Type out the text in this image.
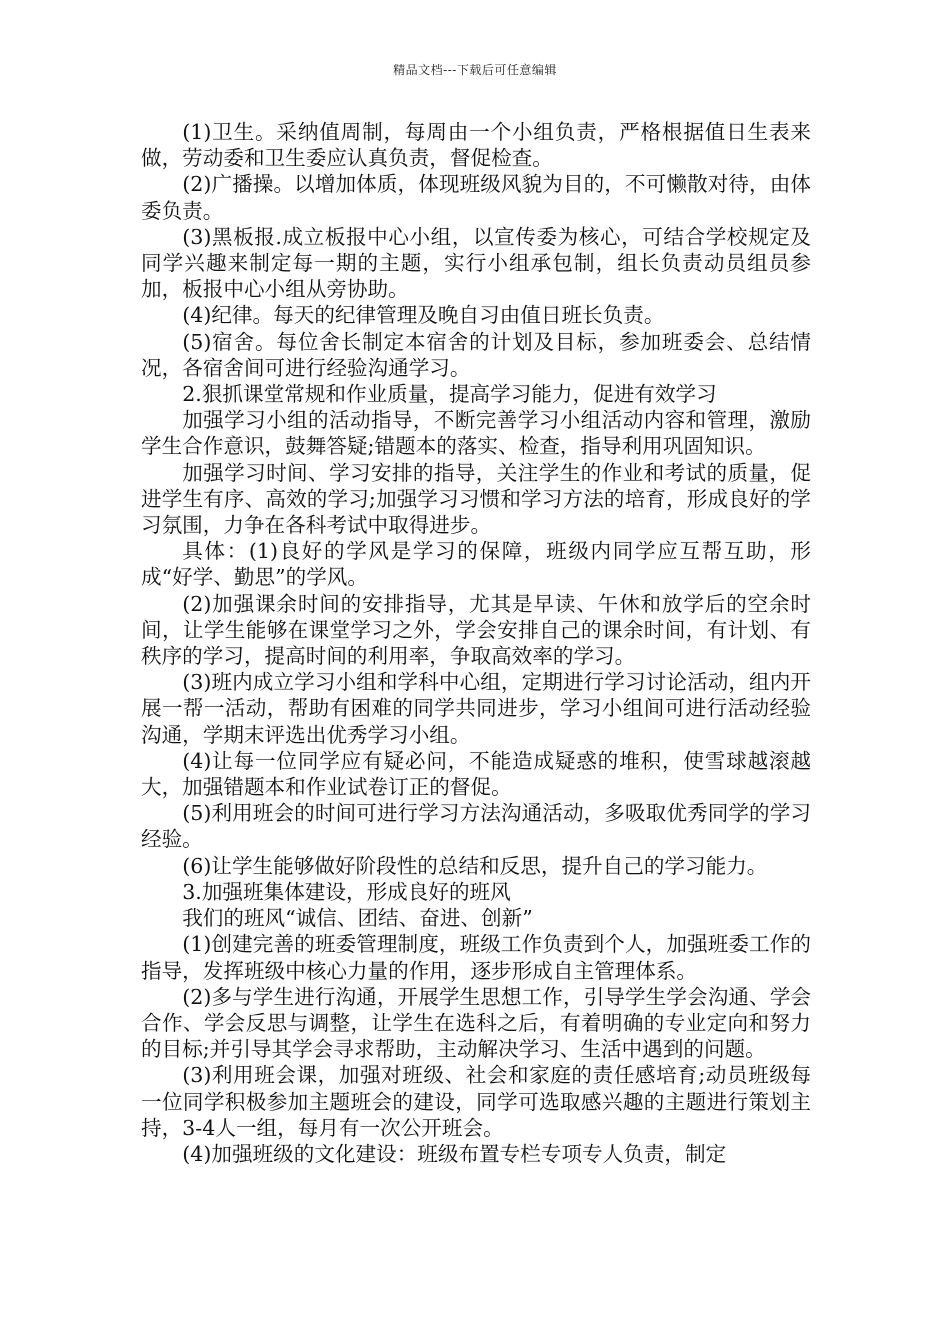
精品文档---下载后可任意编辑

(1)卫生。采纳值周制，每周由一个小组负责，严格根据值日生表来做，劳动委和卫生委应认真负责，督促检查。

(2)广播操。以增加体质，体现班级风貌为目的，不可懒散对待，由体委负责。

(3)黑板报.成立板报中心小组，以宣传委为核心，可结合学校规定及同学兴趣来制定每一期的主题，实行小组承包制，组长负责动员组员参加，板报中心小组从旁协助。

(4)纪律。每天的纪律管理及晚自习由值日班长负责。

(5)宿舍。每位舍长制定本宿舍的计划及目标，参加班委会、总结情况，各宿舍间可进行经验沟通学习。

2.狠抓课堂常规和作业质量，提高学习能力，促进有效学习

加强学习小组的活动指导，不断完善学习小组活动内容和管理，激励学生合作意识，鼓舞答疑;错题本的落实、检查，指导利用巩固知识。

加强学习时间、学习安排的指导，关注学生的作业和考试的质量，促进学生有序、高效的学习;加强学习习惯和学习方法的培育，形成良好的学习氛围，力争在各科考试中取得进步。

具体：(1)良好的学风是学习的保障，班级内同学应互帮互助，形成“好学、勤思”的学风。

(2)加强课余时间的安排指导，尤其是早读、午休和放学后的空余时间，让学生能够在课堂学习之外，学会安排自己的课余时间，有计划、有秩序的学习，提高时间的利用率，争取高效率的学习。

(3)班内成立学习小组和学科中心组，定期进行学习讨论活动，组内开展一帮一活动，帮助有困难的同学共同进步，学习小组间可进行活动经验沟通，学期末评选出优秀学习小组。

(4)让每一位同学应有疑必问，不能造成疑惑的堆积，使雪球越滚越大，加强错题本和作业试卷订正的督促。

(5)利用班会的时间可进行学习方法沟通活动，多吸取优秀同学的学习经验。

(6)让学生能够做好阶段性的总结和反思，提升自己的学习能力。

3.加强班集体建设，形成良好的班风

我们的班风“诚信、团结、奋进、创新”

(1)创建完善的班委管理制度，班级工作负责到个人，加强班委工作的指导，发挥班级中核心力量的作用，逐步形成自主管理体系。

(2)多与学生进行沟通，开展学生思想工作，引导学生学会沟通、学会合作、学会反思与调整，让学生在选科之后，有着明确的专业定向和努力的目标;并引导其学会寻求帮助，主动解决学习、生活中遇到的问题。

(3)利用班会课，加强对班级、社会和家庭的责任感培育;动员班级每一位同学积极参加主题班会的建设，同学可选取感兴趣的主题进行策划主持，3-4人一组，每月有一次公开班会。

(4)加强班级的文化建设：班级布置专栏专项专人负责，制定
